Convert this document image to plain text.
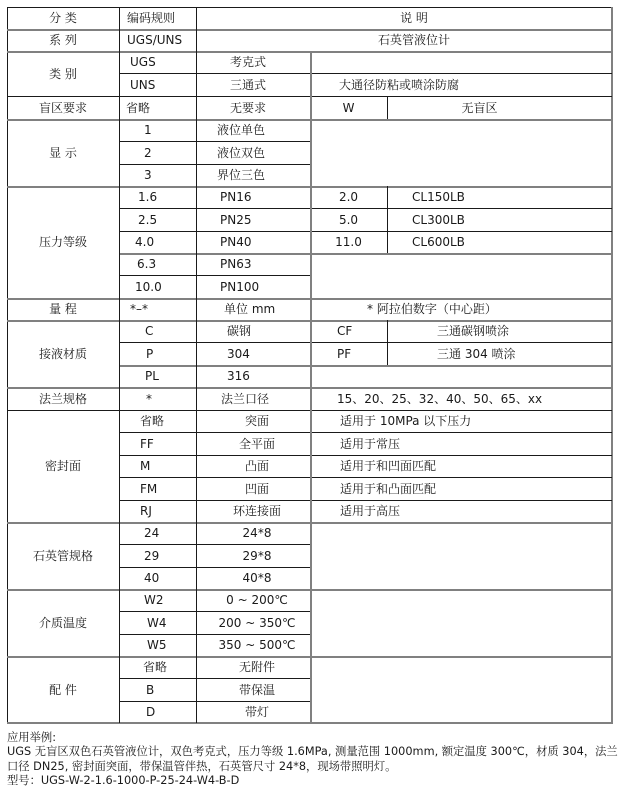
分 类	编码规则	说 明
系 列	UGS/UNS	石英管液位计
类 别
UGS	考克式
UNS	三通式	大通径防粘或喷涂防腐
盲区要求	省略	无要求	W	无盲区
显 示
1	液位单色
2	液位双色
3	界位三色
压力等级
1.6	PN16	2.0	CL150LB
2.5	PN25	5.0	CL300LB
4.0	PN40	11.0	CL600LB
6.3	PN63
10.0	PN100
量 程	*–*	单位 mm	* 阿拉伯数字（中心距）
接液材质
C	碳钢	CF	三通碳钢喷涂
P	304	PF	三通 304 喷涂
PL	316
法兰规格	*	法兰口径	15、20、25、32、40、50、65、xx
密封面
省略	突面	适用于 10MPa 以下压力
FF	全平面	适用于常压
M	凸面	适用于和凹面匹配
FM	凹面	适用于和凸面匹配
RJ	环连接面	适用于高压
石英管规格
24	24*8
29	29*8
40	40*8
介质温度
W2	0 ~ 200℃
W4	200 ~ 350℃
W5	350 ~ 500℃
配 件
省略	无附件
B	带保温
D	带灯
应用举例:
UGS 无盲区双色石英管液位计，双色考克式，压力等级 1.6MPa, 测量范围 1000mm, 额定温度 300℃，材质 304，法兰
口径 DN25, 密封面突面，带保温管伴热，石英管尺寸 24*8，现场带照明灯。
型号：UGS-W-2-1.6-1000-P-25-24-W4-B-D
